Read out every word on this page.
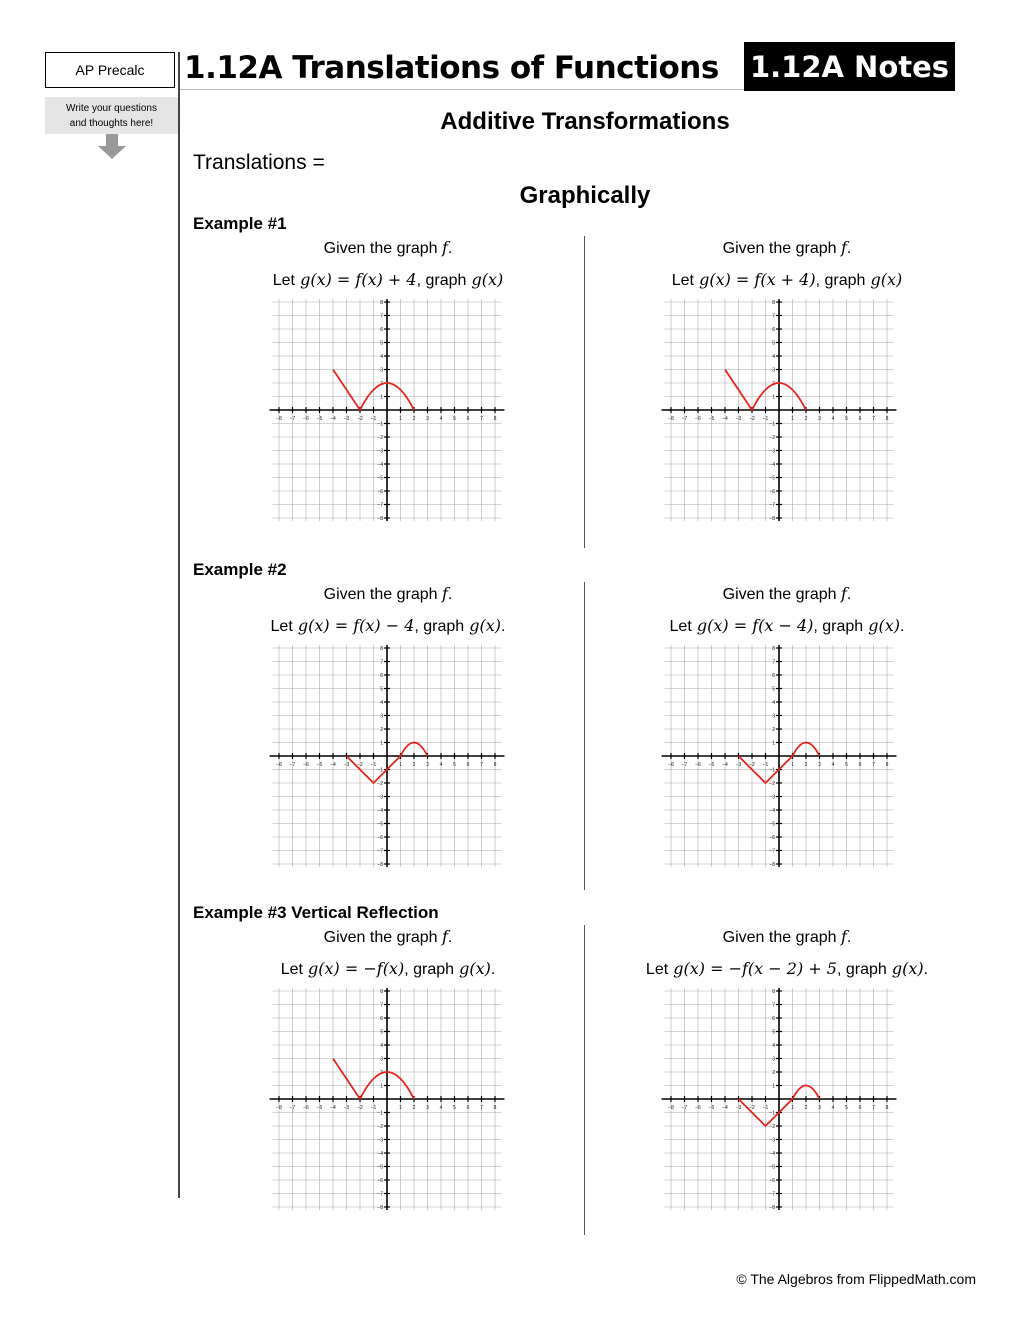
AP Precalc	1.12A Translations of Functions 1.12A Notes
Write your questions
and thoughts here!	Additive Transformations
Translations =
Graphically
Example #1
Example #2
Example #3 Vertical Reflection
Given the graph f.
Let g(x) = f(x) + 4, graph g(x)
Given the graph f.
Let g(x) = f(x + 4), graph g(x)
Given the graph f.
Let g(x) = f(x) − 4, graph g(x).
Given the graph f.
Let g(x) = f(x − 4), graph g(x).
Given the graph f.
Let g(x) = −f(x), graph g(x).
Given the graph f.
Let g(x) = −f(x − 2) + 5, graph g(x).
−8 −7 −6 −5 −4 −3 −2 −1	1 2 3 4 5 6 7 8
8
7
6
5
4
3
2
1
−1
−2
−3
−4
−5
−6
−7
−8
−8 −7 −6 −5 −4 −3 −2 −1	1 2 3 4 5 6 7 8
8
7
6
5
4
3
2
1
−1
−2
−3
−4
−5
−6
−7
−8
−8 −7 −6 −5 −4 −3 −2 −1	1 2 3 4 5 6 7 8
8
7
6
5
4
3
2
1
−1
−2
−3
−4
−5
−6
−7
−8
−8 −7 −6 −5 −4 −3 −2 −1	1 2 3 4 5 6 7 8
8
7
6
5
4
3
2
1
−1
−2
−3
−4
−5
−6
−7
−8
−8 −7 −6 −5 −4 −3 −2 −1	1 2 3 4 5 6 7 8
8
7
6
5
4
3
2
1
−1
−2
−3
−4
−5
−6
−7
−8
−8 −7 −6 −5 −4 −3 −2 −1	1 2 3 4 5 6 7 8
8
7
6
5
4
3
2
1
−1
−2
−3
−4
−5
−6
−7
−8
© The Algebros from FlippedMath.com
